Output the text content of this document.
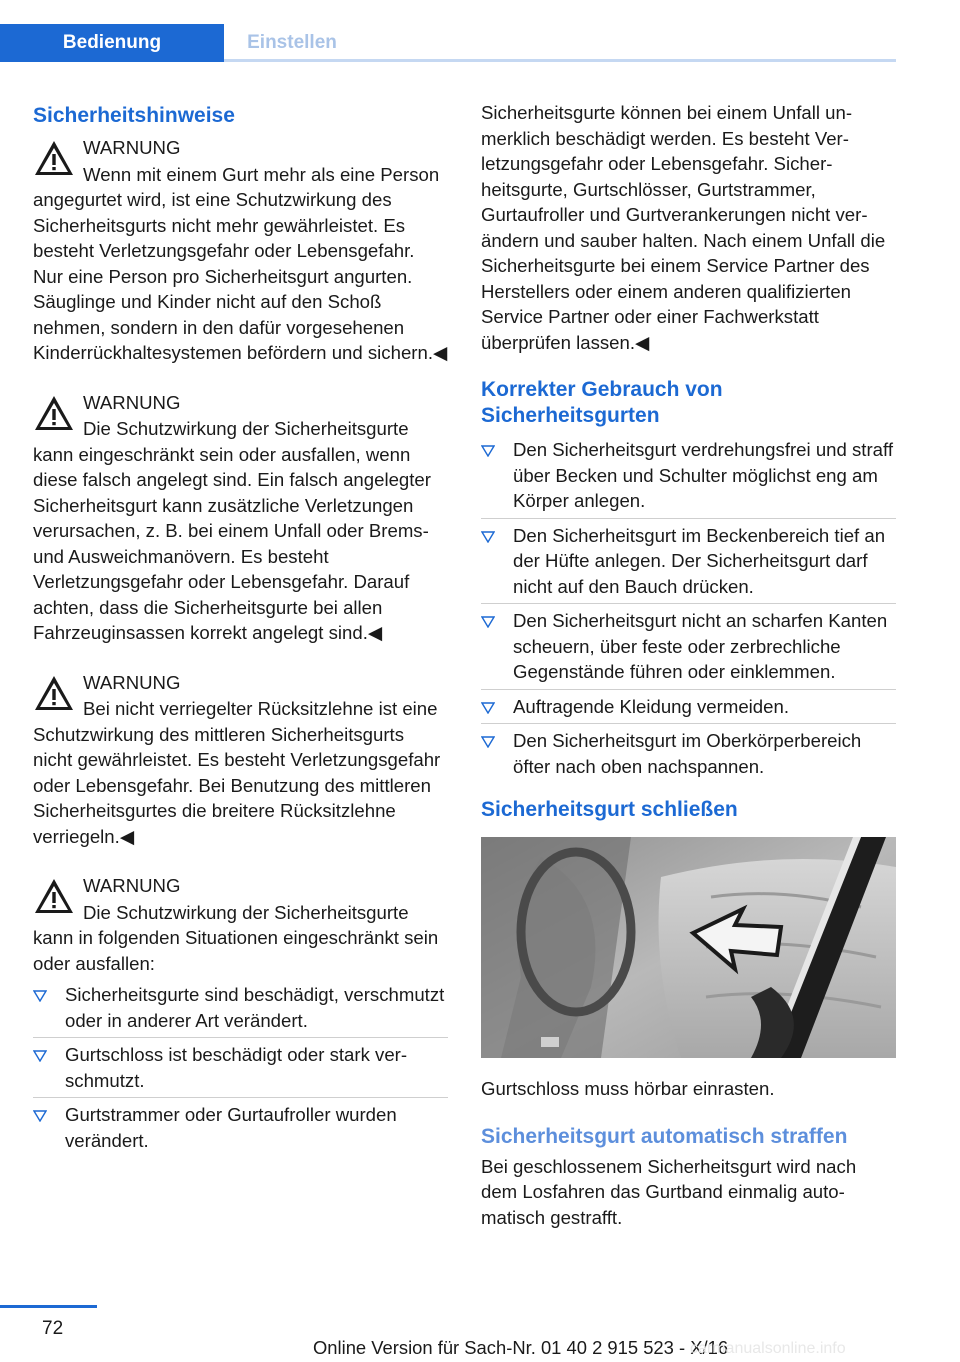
Bedienung	Einstellen
Sicherheitshinweise
WARNUNG
Wenn mit einem Gurt mehr als eine Person angegurtet wird, ist eine Schutzwirkung des Sicherheitsgurts nicht mehr gewährleistet. Es besteht Verletzungsgefahr oder Lebensgefahr. Nur eine Person pro Sicherheitsgurt angurten. Säuglinge und Kinder nicht auf den Schoß nehmen, sondern in den dafür vorgesehenen Kinderrückhaltesystemen befördern und sichern.◀
WARNUNG
Die Schutzwirkung der Sicherheitsgurte kann eingeschränkt sein oder ausfallen, wenn diese falsch angelegt sind. Ein falsch angelegter Sicherheitsgurt kann zusätzliche Verletzungen verursachen, z. B. bei einem Unfall oder Brems- und Ausweichmanövern. Es besteht Verletzungsgefahr oder Lebensgefahr. Darauf achten, dass die Sicherheitsgurte bei allen Fahrzeuginsassen korrekt angelegt sind.◀
WARNUNG
Bei nicht verriegelter Rücksitzlehne ist eine Schutzwirkung des mittleren Sicherheitsgurts nicht gewährleistet. Es besteht Verletzungsgefahr oder Lebensgefahr. Bei Benutzung des mittleren Sicherheitsgurtes die breitere Rücksitzlehne verriegeln.◀
WARNUNG
Die Schutzwirkung der Sicherheitsgurte kann in folgenden Situationen eingeschränkt sein oder ausfallen:
Sicherheitsgurte sind beschädigt, verschmutzt oder in anderer Art verändert.
Gurtschloss ist beschädigt oder stark verschmutzt.
Gurtstrammer oder Gurtaufroller wurden verändert.

Sicherheitsgurte können bei einem Unfall unmerklich beschädigt werden. Es besteht Verletzungsgefahr oder Lebensgefahr. Sicherheitsgurte, Gurtschlösser, Gurtstrammer, Gurtaufroller und Gurtverankerungen nicht verändern und sauber halten. Nach einem Unfall die Sicherheitsgurte bei einem Service Partner des Herstellers oder einem anderen qualifizierten Service Partner oder einer Fachwerkstatt überprüfen lassen.◀

Korrekter Gebrauch von Sicherheitsgurten
Den Sicherheitsgurt verdrehungsfrei und straff über Becken und Schulter möglichst eng am Körper anlegen.
Den Sicherheitsgurt im Beckenbereich tief an der Hüfte anlegen. Der Sicherheitsgurt darf nicht auf den Bauch drücken.
Den Sicherheitsgurt nicht an scharfen Kanten scheuern, über feste oder zerbrechliche Gegenstände führen oder einklemmen.
Auftragende Kleidung vermeiden.
Den Sicherheitsgurt im Oberkörperbereich öfter nach oben nachspannen.
Sicherheitsgurt schließen

Gurtschloss muss hörbar einrasten.

Sicherheitsgurt automatisch straffen

Bei geschlossenem Sicherheitsgurt wird nach dem Losfahren das Gurtband einmalig automatisch gestrafft.

72
Online Version für Sach-Nr. 01 40 2 915 523 - X/16
carmanualsonline.info
